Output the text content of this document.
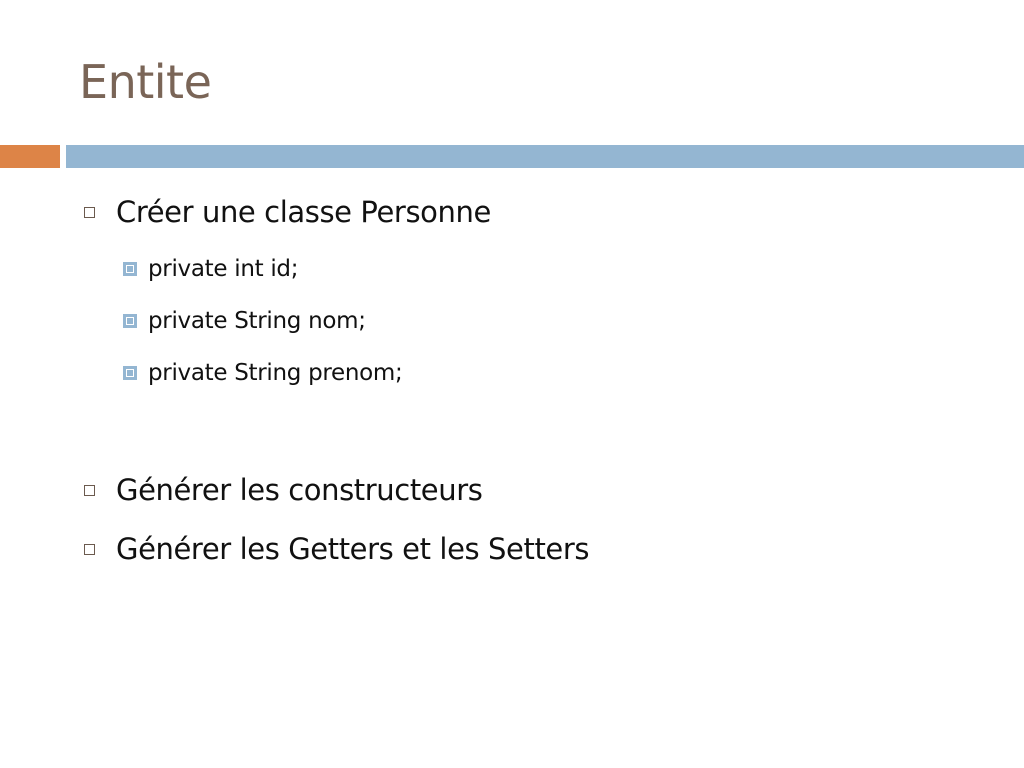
Entite
Créer une classe Personne
private int id;
private String nom;
private String prenom;
Générer les constructeurs
Générer les Getters et les Setters
